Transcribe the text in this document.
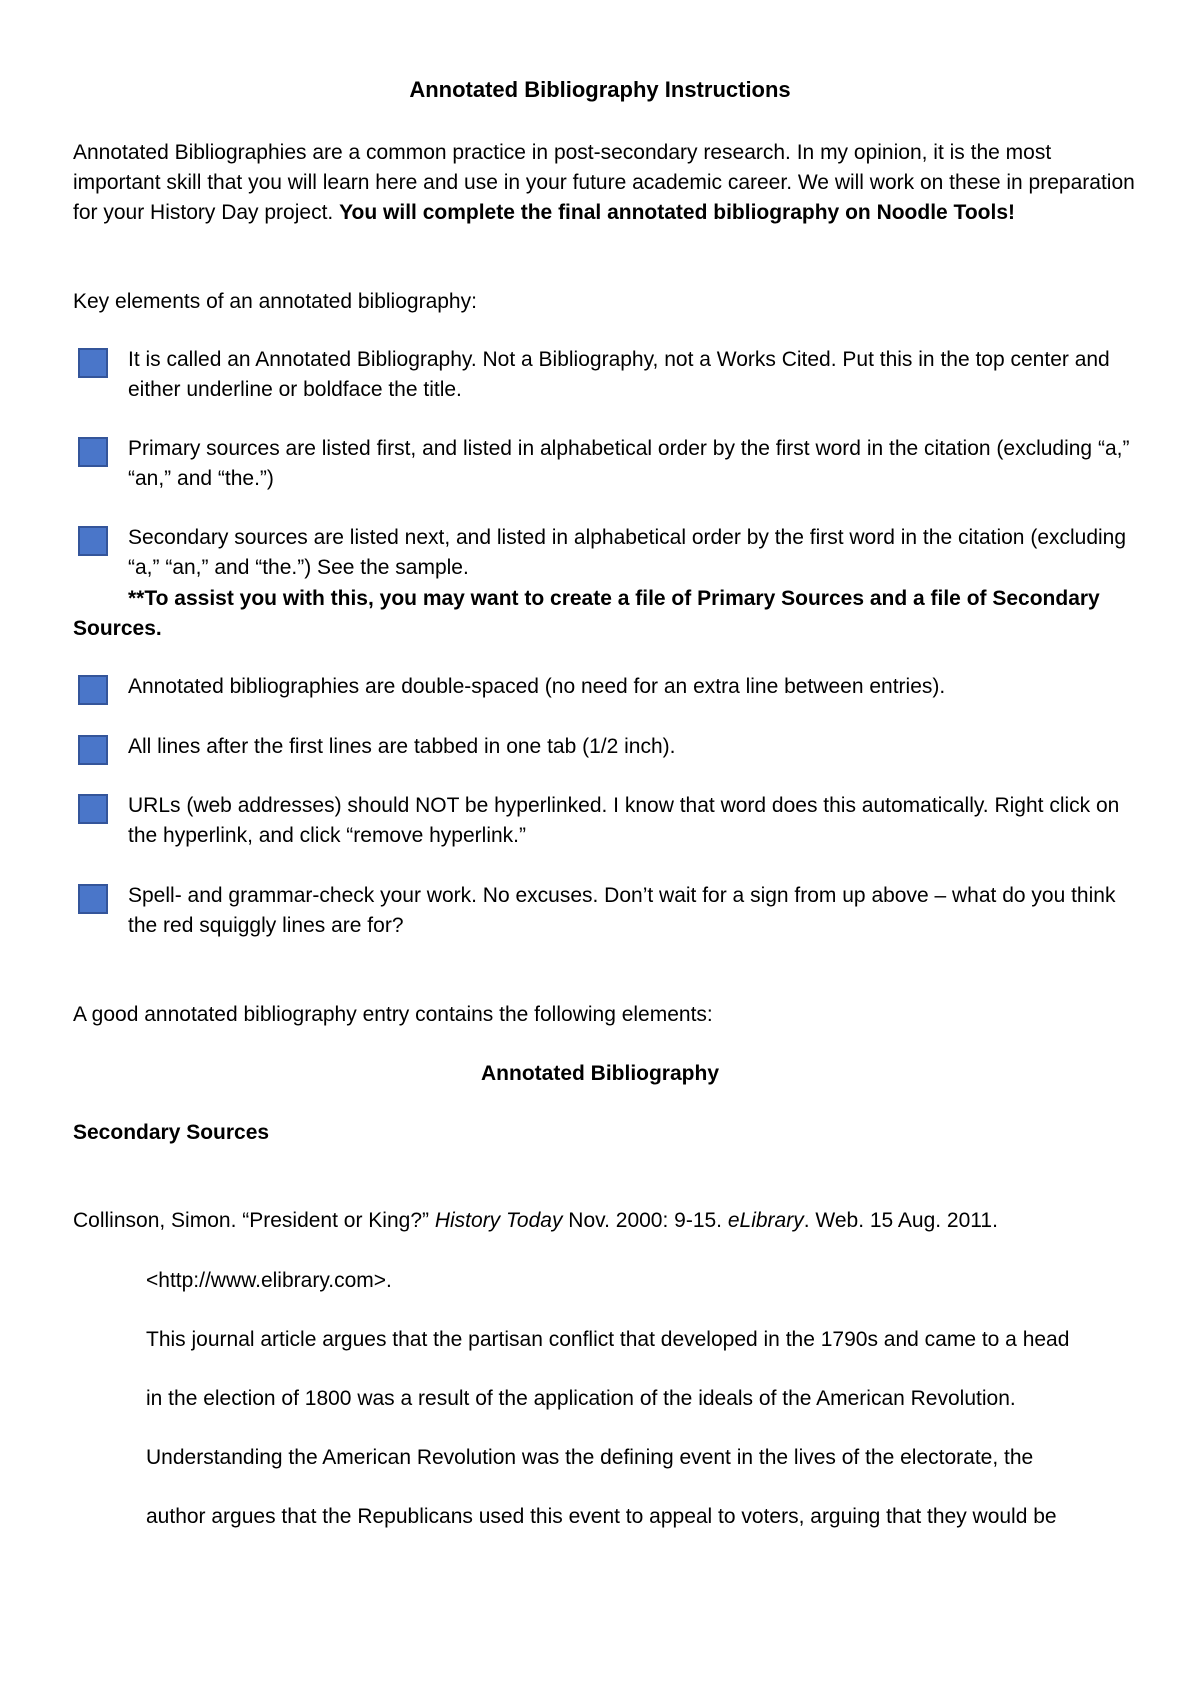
Annotated Bibliography Instructions
Annotated Bibliographies are a common practice in post-secondary research. In my opinion, it is the most important skill that you will learn here and use in your future academic career. We will work on these in preparation for your History Day project. You will complete the final annotated bibliography on Noodle Tools!
Key elements of an annotated bibliography:
It is called an Annotated Bibliography. Not a Bibliography, not a Works Cited. Put this in the top center and either underline or boldface the title.
Primary sources are listed first, and listed in alphabetical order by the first word in the citation (excluding “a,” “an,” and “the.”)
Secondary sources are listed next, and listed in alphabetical order by the first word in the citation (excluding “a,” “an,” and “the.”) See the sample.
**To assist you with this, you may want to create a file of Primary Sources and a file of Secondary Sources.
Annotated bibliographies are double-spaced (no need for an extra line between entries).
All lines after the first lines are tabbed in one tab (1/2 inch).
URLs (web addresses) should NOT be hyperlinked. I know that word does this automatically. Right click on the hyperlink, and click “remove hyperlink.”
Spell- and grammar-check your work. No excuses. Don’t wait for a sign from up above – what do you think the red squiggly lines are for?
A good annotated bibliography entry contains the following elements:
Annotated Bibliography
Secondary Sources
Collinson, Simon. “President or King?” History Today Nov. 2000: 9-15. eLibrary. Web. 15 Aug. 2011.
<http://www.elibrary.com>.
This journal article argues that the partisan conflict that developed in the 1790s and came to a head
in the election of 1800 was a result of the application of the ideals of the American Revolution.
Understanding the American Revolution was the defining event in the lives of the electorate, the
author argues that the Republicans used this event to appeal to voters, arguing that they would be
